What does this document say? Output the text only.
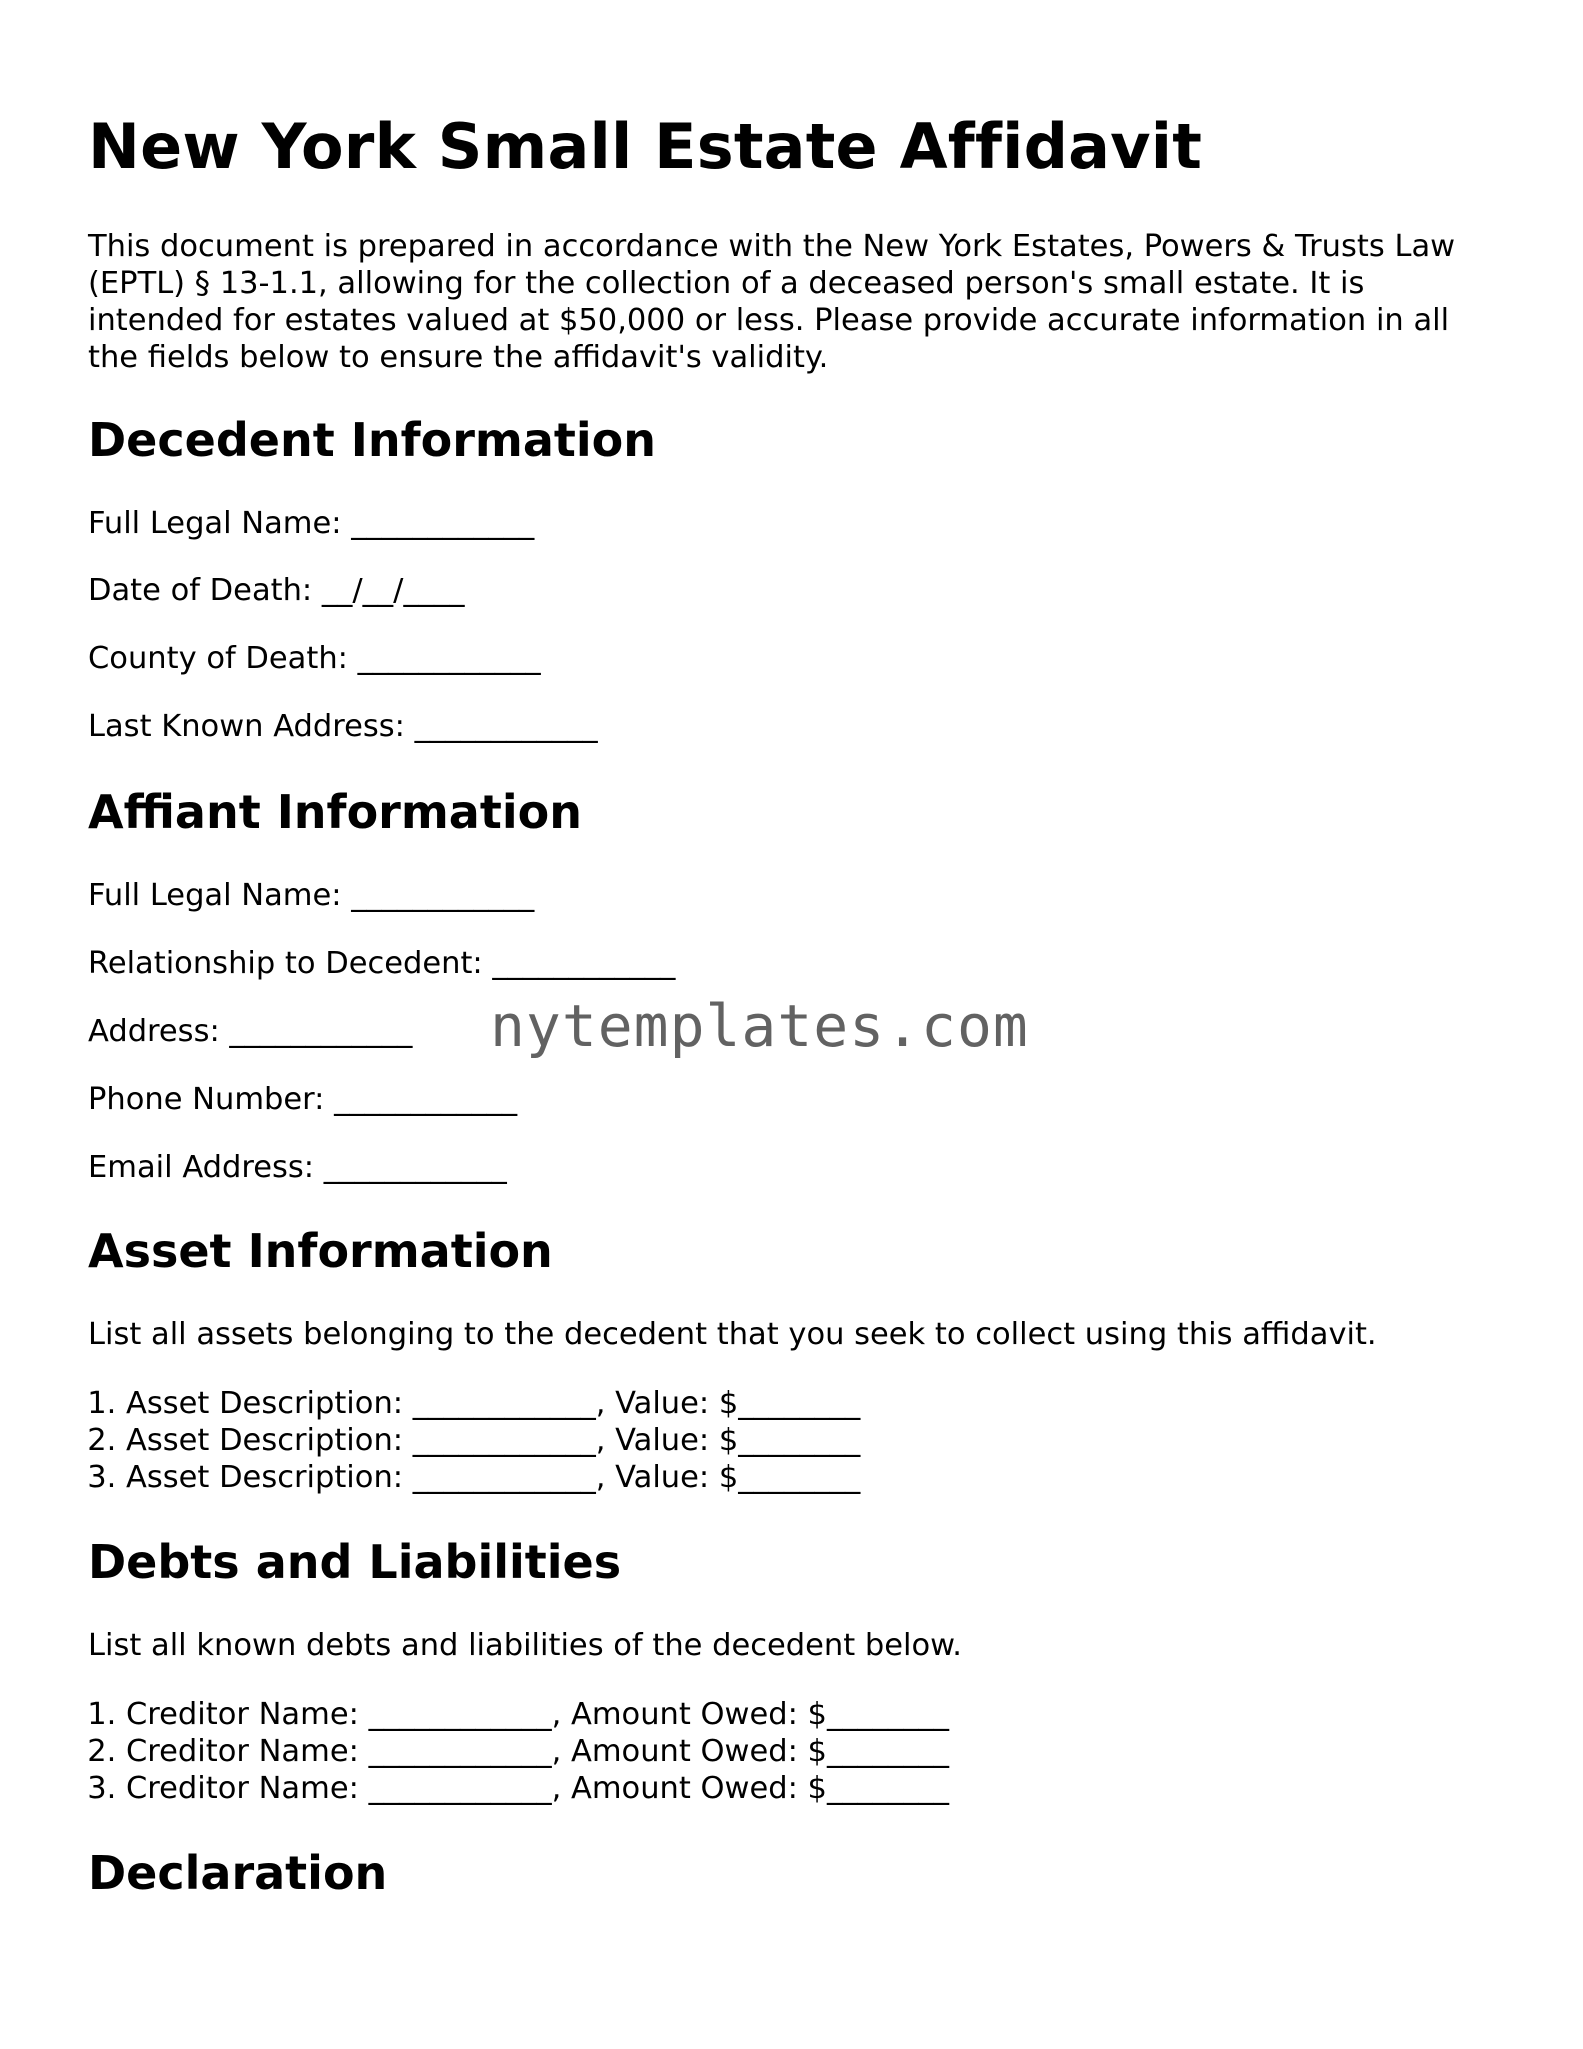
New York Small Estate Affidavit

This document is prepared in accordance with the New York Estates, Powers & Trusts Law (EPTL) § 13-1.1, allowing for the collection of a deceased person's small estate. It is intended for estates valued at $50,000 or less. Please provide accurate information in all the fields below to ensure the affidavit's validity.

Decedent Information

Full Legal Name: ____________

Date of Death: __/__/____

County of Death: ____________

Last Known Address: ____________

Affiant Information

Full Legal Name: ____________

Relationship to Decedent: ____________

Address: ____________

Phone Number: ____________

Email Address: ____________

Asset Information

List all assets belonging to the decedent that you seek to collect using this affidavit.

1. Asset Description: ____________, Value: $________
2. Asset Description: ____________, Value: $________
3. Asset Description: ____________, Value: $________
Debts and Liabilities

List all known debts and liabilities of the decedent below.

1. Creditor Name: ____________, Amount Owed: $________
2. Creditor Name: ____________, Amount Owed: $________
3. Creditor Name: ____________, Amount Owed: $________
Declaration
nytemplates.com
